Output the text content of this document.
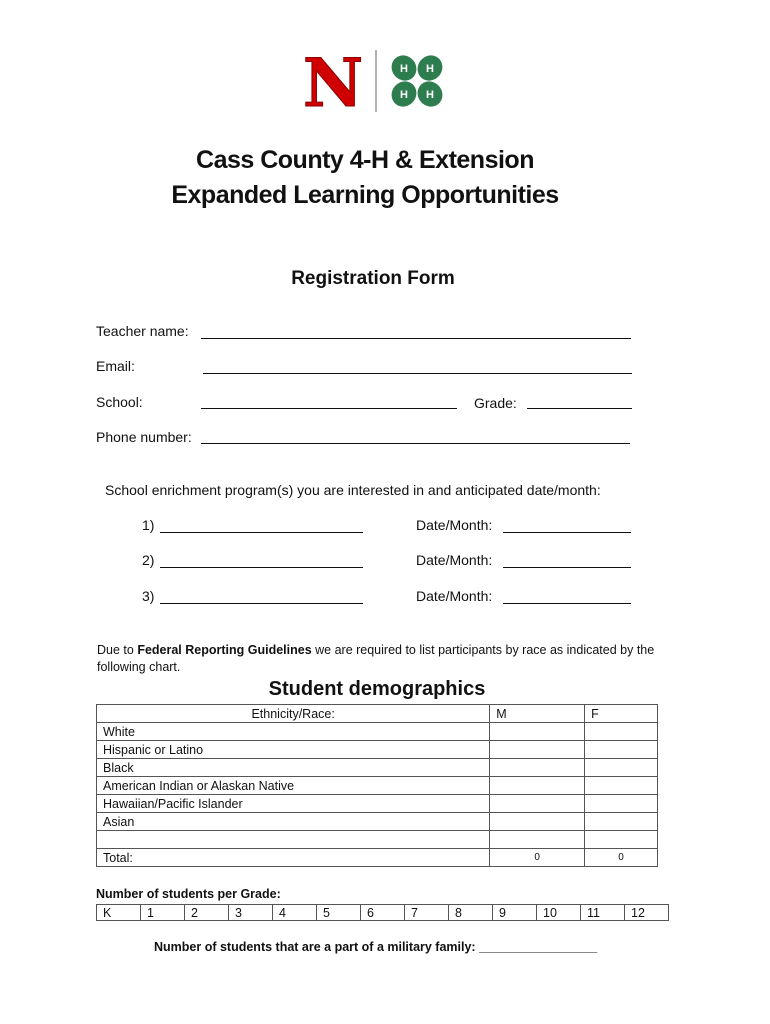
N	H H
H H
Cass County 4-H & Extension
Expanded Learning Opportunities
Registration Form
Teacher name:
Email:
School:	Grade:
Phone number:
School enrichment program(s) you are interested in and anticipated date/month:
1)	Date/Month:
2)	Date/Month:
3)	Date/Month:
Due to Federal Reporting Guidelines we are required to list participants by race as indicated by the following chart.
Student demographics
Ethnicity/Race:	M	F
White		
Hispanic or Latino		
Black		
American Indian or Alaskan Native		
Hawaiian/Pacific Islander		
Asian		

Total:	0	0
Number of students per Grade:
K	1	2	3	4	5	6	7	8	9	10	11	12
Number of students that are a part of a military family: _________________
